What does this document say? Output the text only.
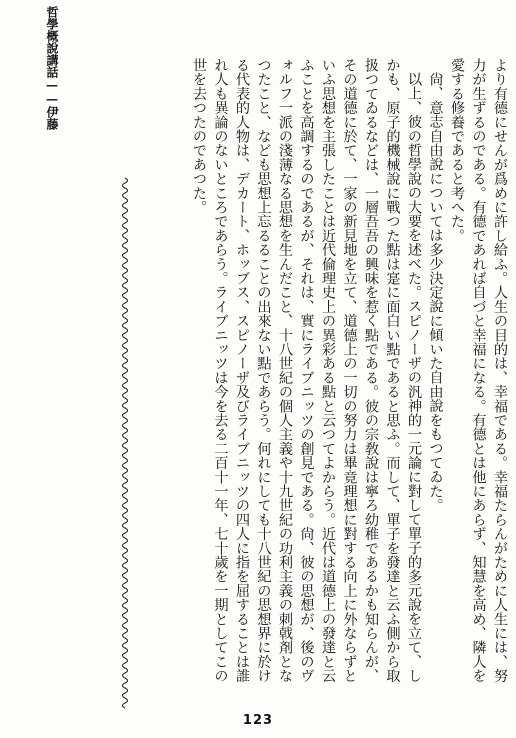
哲學概說講話——伊藤	より有德にせんが爲めに許し給ふ。人生の目的は、幸福である。幸福たらんがために人生には、努力が生ずるのである。有德であれば自づと幸福になる。有德とは他にあらず、知慧を高め、隣人を愛する修養であると考へた。

尙、意志自由說については多少決定說に傾いた自由說をもつてゐた。

以上、彼の哲學說の大要を述べた。スピノーザの汎神的一元論に對して單子的多元說を立て、しかも、原子的機械說に戰つた點は寔に面白い點であると思ふ。而して、單子を發達と云ふ側から取扱つてゐるなどは、一層吾吾の興味を惹く點である。彼の宗敎說は寧ろ幼稚であるかも知らんが、その道德に於て、一家の新見地を立て、道德上の一切の努力は畢竟理想に對する向上に外ならずといふ思想を主張したことは近代倫理史上の異彩ある點と云つてよからう。近代は道德上の發達と云ふことを高調するのであるが、それは、實にライブニッツの創見である。尙、彼の思想が、後のヴォルフ一派の淺薄なる思想を生んだこと、十八世紀の個人主義や十九世紀の功利主義の刺戟剤となつたこと、なども思想上忘るることの出來ない點であらう。何れにしても十八世紀の思想界に於ける代表的人物は、デカート、ホッブス、スピノーザ及びライブニッツの四人に指を屈することは誰れ人も異論のないところであらう。ライブニッツは今を去る二百十一年、七十歲を一期としてこの世を去つたのであつた。

123
